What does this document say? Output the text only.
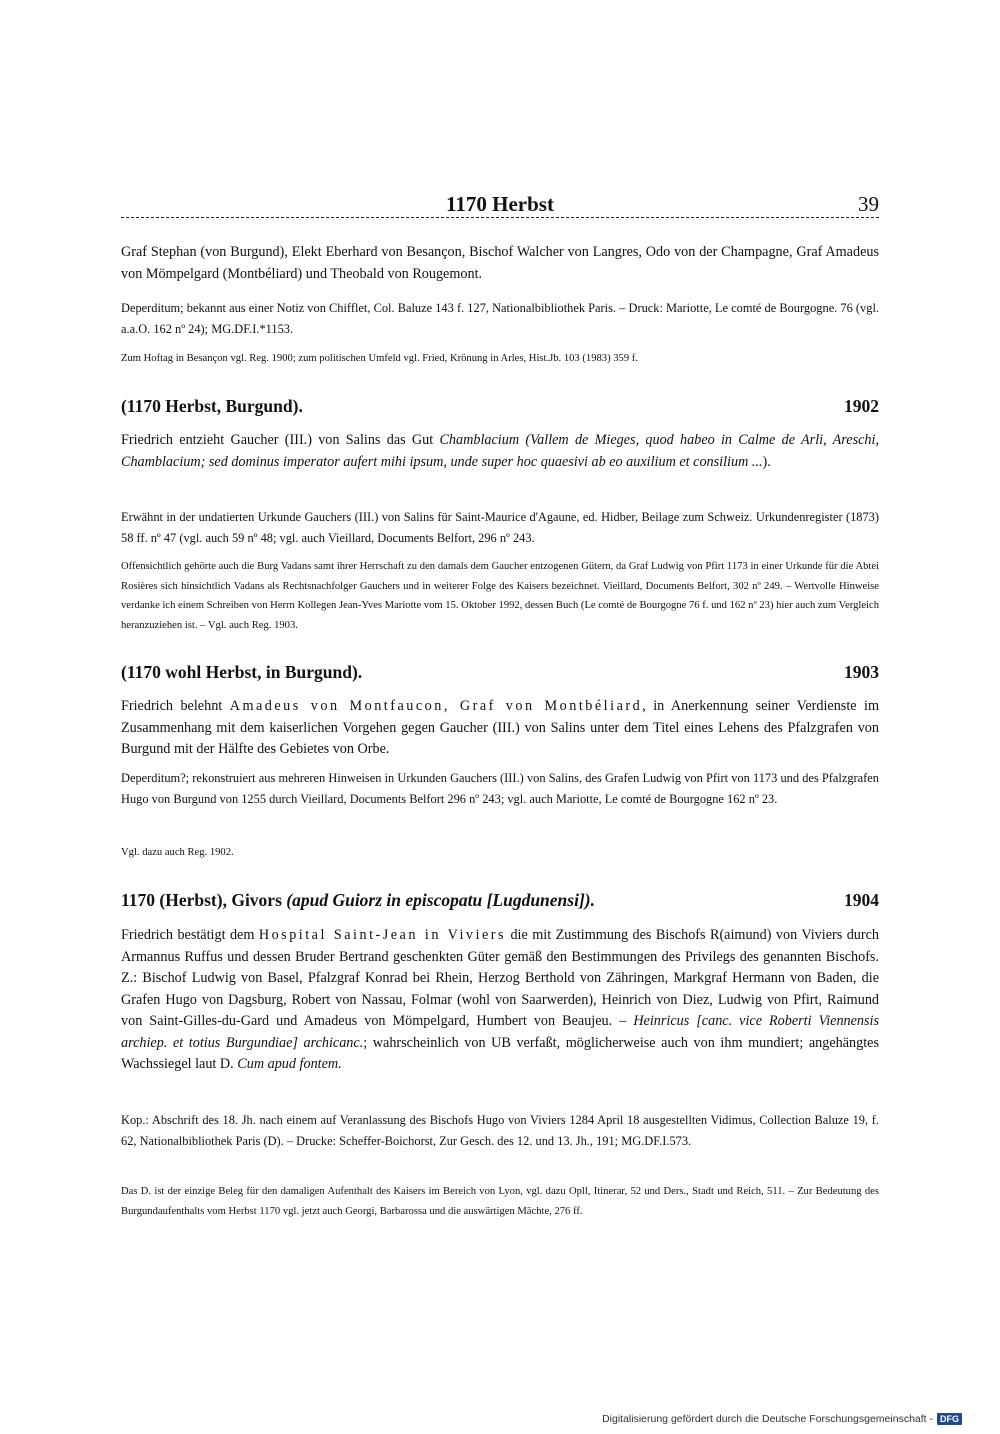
1170 Herbst	39

Graf Stephan (von Burgund), Elekt Eberhard von Besançon, Bischof Walcher von Langres, Odo von der Champagne, Graf Amadeus von Mömpelgard (Montbéliard) und Theobald von Rougemont.

Deperditum; bekannt aus einer Notiz von Chifflet, Col. Baluze 143 f. 127, Nationalbibliothek Paris. – Druck: Mariotte, Le comté de Bourgogne. 76 (vgl. a.a.O. 162 nº 24); MG.DF.I.*1153.

Zum Hoftag in Besançon vgl. Reg. 1900; zum politischen Umfeld vgl. Fried, Krönung in Arles, Hist.Jb. 103 (1983) 359 f.

(1170 Herbst, Burgund).	1902

Friedrich entzieht Gaucher (III.) von Salins das Gut Chamblacium (Vallem de Mieges, quod habeo in Calme de Arli, Areschi, Chamblacium; sed dominus imperator aufert mihi ipsum, unde super hoc quaesivi ab eo auxilium et consilium ...).

Erwähnt in der undatierten Urkunde Gauchers (III.) von Salins für Saint-Maurice d'Agaune, ed. Hidber, Beilage zum Schweiz. Urkundenregister (1873) 58 ff. nº 47 (vgl. auch 59 nº 48; vgl. auch Vieillard, Documents Belfort, 296 nº 243.

Offensichtlich gehörte auch die Burg Vadans samt ihrer Herrschaft zu den damals dem Gaucher entzogenen Gütern, da Graf Ludwig von Pfirt 1173 in einer Urkunde für die Abtei Rosières sich hinsichtlich Vadans als Rechtsnachfolger Gauchers und in weiterer Folge des Kaisers bezeichnet. Vieillard, Documents Belfort, 302 nº 249. – Wertvolle Hinweise verdanke ich einem Schreiben von Herrn Kollegen Jean-Yves Mariotte vom 15. Oktober 1992, dessen Buch (Le comté de Bourgogne 76 f. und 162 nº 23) hier auch zum Vergleich heranzuziehen ist. – Vgl. auch Reg. 1903.

(1170 wohl Herbst, in Burgund).	1903

Friedrich belehnt Amadeus von Montfaucon, Graf von Montbéliard, in Anerkennung seiner Verdienste im Zusammenhang mit dem kaiserlichen Vorgehen gegen Gaucher (III.) von Salins unter dem Titel eines Lehens des Pfalzgrafen von Burgund mit der Hälfte des Gebietes von Orbe.

Deperditum?; rekonstruiert aus mehreren Hinweisen in Urkunden Gauchers (III.) von Salins, des Grafen Ludwig von Pfirt von 1173 und des Pfalzgrafen Hugo von Burgund von 1255 durch Vieillard, Documents Belfort 296 nº 243; vgl. auch Mariotte, Le comté de Bourgogne 162 nº 23.

Vgl. dazu auch Reg. 1902.

1170 (Herbst), Givors (apud Guiorz in episcopatu [Lugdunensi]).	1904

Friedrich bestätigt dem Hospital Saint-Jean in Viviers die mit Zustimmung des Bischofs R(aimund) von Viviers durch Armannus Ruffus und dessen Bruder Bertrand geschenkten Güter gemäß den Bestimmungen des Privilegs des genannten Bischofs. Z.: Bischof Ludwig von Basel, Pfalzgraf Konrad bei Rhein, Herzog Berthold von Zähringen, Markgraf Hermann von Baden, die Grafen Hugo von Dagsburg, Robert von Nassau, Folmar (wohl von Saarwerden), Heinrich von Diez, Ludwig von Pfirt, Raimund von Saint-Gilles-du-Gard und Amadeus von Mömpelgard, Humbert von Beaujeu. – Heinricus [canc. vice Roberti Viennensis archiep. et totius Burgundiae] archicanc.; wahrscheinlich von UB verfaßt, möglicherweise auch von ihm mundiert; angehängtes Wachssiegel laut D. Cum apud fontem.

Kop.: Abschrift des 18. Jh. nach einem auf Veranlassung des Bischofs Hugo von Viviers 1284 April 18 ausgestellten Vidimus, Collection Baluze 19, f. 62, Nationalbibliothek Paris (D). – Drucke: Scheffer-Boichorst, Zur Gesch. des 12. und 13. Jh., 191; MG.DF.I.573.

Das D. ist der einzige Beleg für den damaligen Aufenthalt des Kaisers im Bereich von Lyon, vgl. dazu Opll, Itinerar, 52 und Ders., Stadt und Reich, 511. – Zur Bedeutung des Burgundaufenthalts vom Herbst 1170 vgl. jetzt auch Georgi, Barbarossa und die auswärtigen Mächte, 276 ff.

Digitalisierung gefördert durch die Deutsche Forschungsgemeinschaft - DFG
